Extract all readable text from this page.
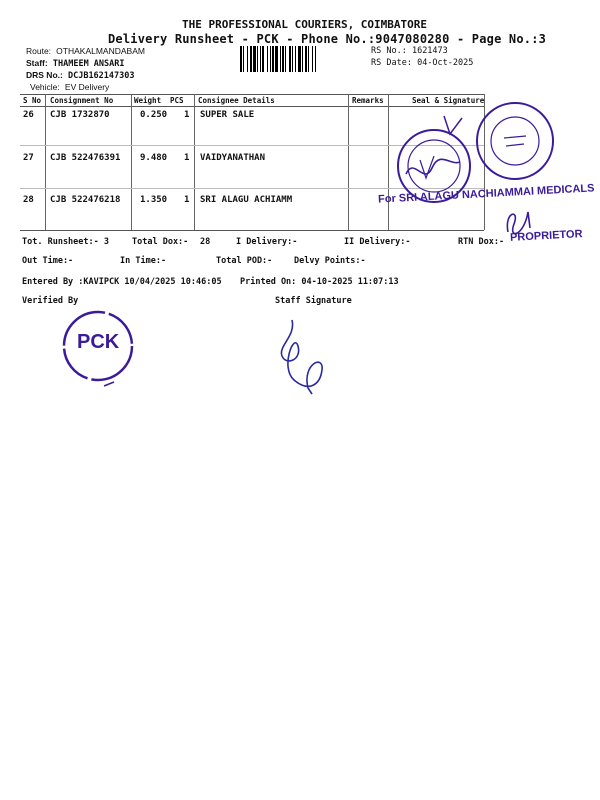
THE PROFESSIONAL COURIERS, COIMBATORE
Delivery Runsheet - PCK - Phone No.:9047080280 - Page No.:3
Route: OTHAKALMANDABAM
Staff: THAMEEM ANSARI
DRS No.: DCJB162147303
Vehicle: EV Delivery
RS No.: 1621473
RS Date: 04-Oct-2025
S No Consignment No	Weight PCS Consignee Details	Remarks	Seal & Signature
26 CJB 1732870	0.250 1 SUPER SALE
27 CJB 522476391 9.480 1 VAIDYANATHAN
28 CJB 522476218 1.350 1 SRI ALAGU ACHIAMM
Tot. Runsheet:- 3	Total Dox:- 28	I Delivery:-	II Delivery:-	RTN Dox:-
Out Time:-	In Time:-	Total POD:-	Delvy Points:-
Entered By :KAVIPCK 10/04/2025 10:46:05 Printed On: 04-10-2025 11:07:13
Verified By	Staff Signature
For SRI ALAGU NACHIAMMAI MEDICALS
PROPRIETOR
PCK
